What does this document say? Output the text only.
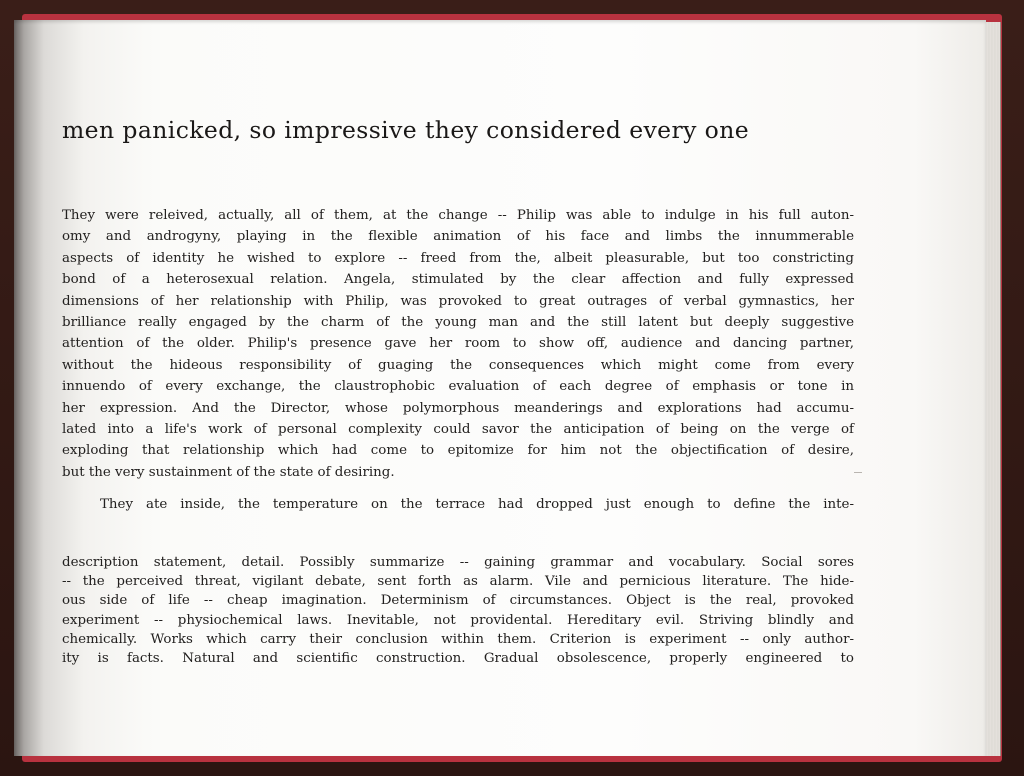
men panicked, so impressive they considered every one
They were releived, actually, all of them, at the change -- Philip was able to indulge in his full auton-
omy and androgyny, playing in the flexible animation of his face and limbs the innummerable
aspects of identity he wished to explore -- freed from the, albeit pleasurable, but too constricting
bond of a heterosexual relation. Angela, stimulated by the clear affection and fully expressed
dimensions of her relationship with Philip, was provoked to great outrages of verbal gymnastics, her
brilliance really engaged by the charm of the young man and the still latent but deeply suggestive
attention of the older. Philip's presence gave her room to show off, audience and dancing partner,
without the hideous responsibility of guaging the consequences which might come from every
innuendo of every exchange, the claustrophobic evaluation of each degree of emphasis or tone in
her expression. And the Director, whose polymorphous meanderings and explorations had accumu-
lated into a life's work of personal complexity could savor the anticipation of being on the verge of
exploding that relationship which had come to epitomize for him not the objectification of desire,
but the very sustainment of the state of desiring.
They ate inside, the temperature on the terrace had dropped just enough to define the inte-
description statement, detail. Possibly summarize -- gaining grammar and vocabulary. Social sores
-- the perceived threat, vigilant debate, sent forth as alarm. Vile and pernicious literature. The hide-
ous side of life -- cheap imagination. Determinism of circumstances. Object is the real, provoked
experiment -- physiochemical laws. Inevitable, not providental. Hereditary evil. Striving blindly and
chemically. Works which carry their conclusion within them. Criterion is experiment -- only author-
ity is facts. Natural and scientific construction. Gradual obsolescence, properly engineered to
